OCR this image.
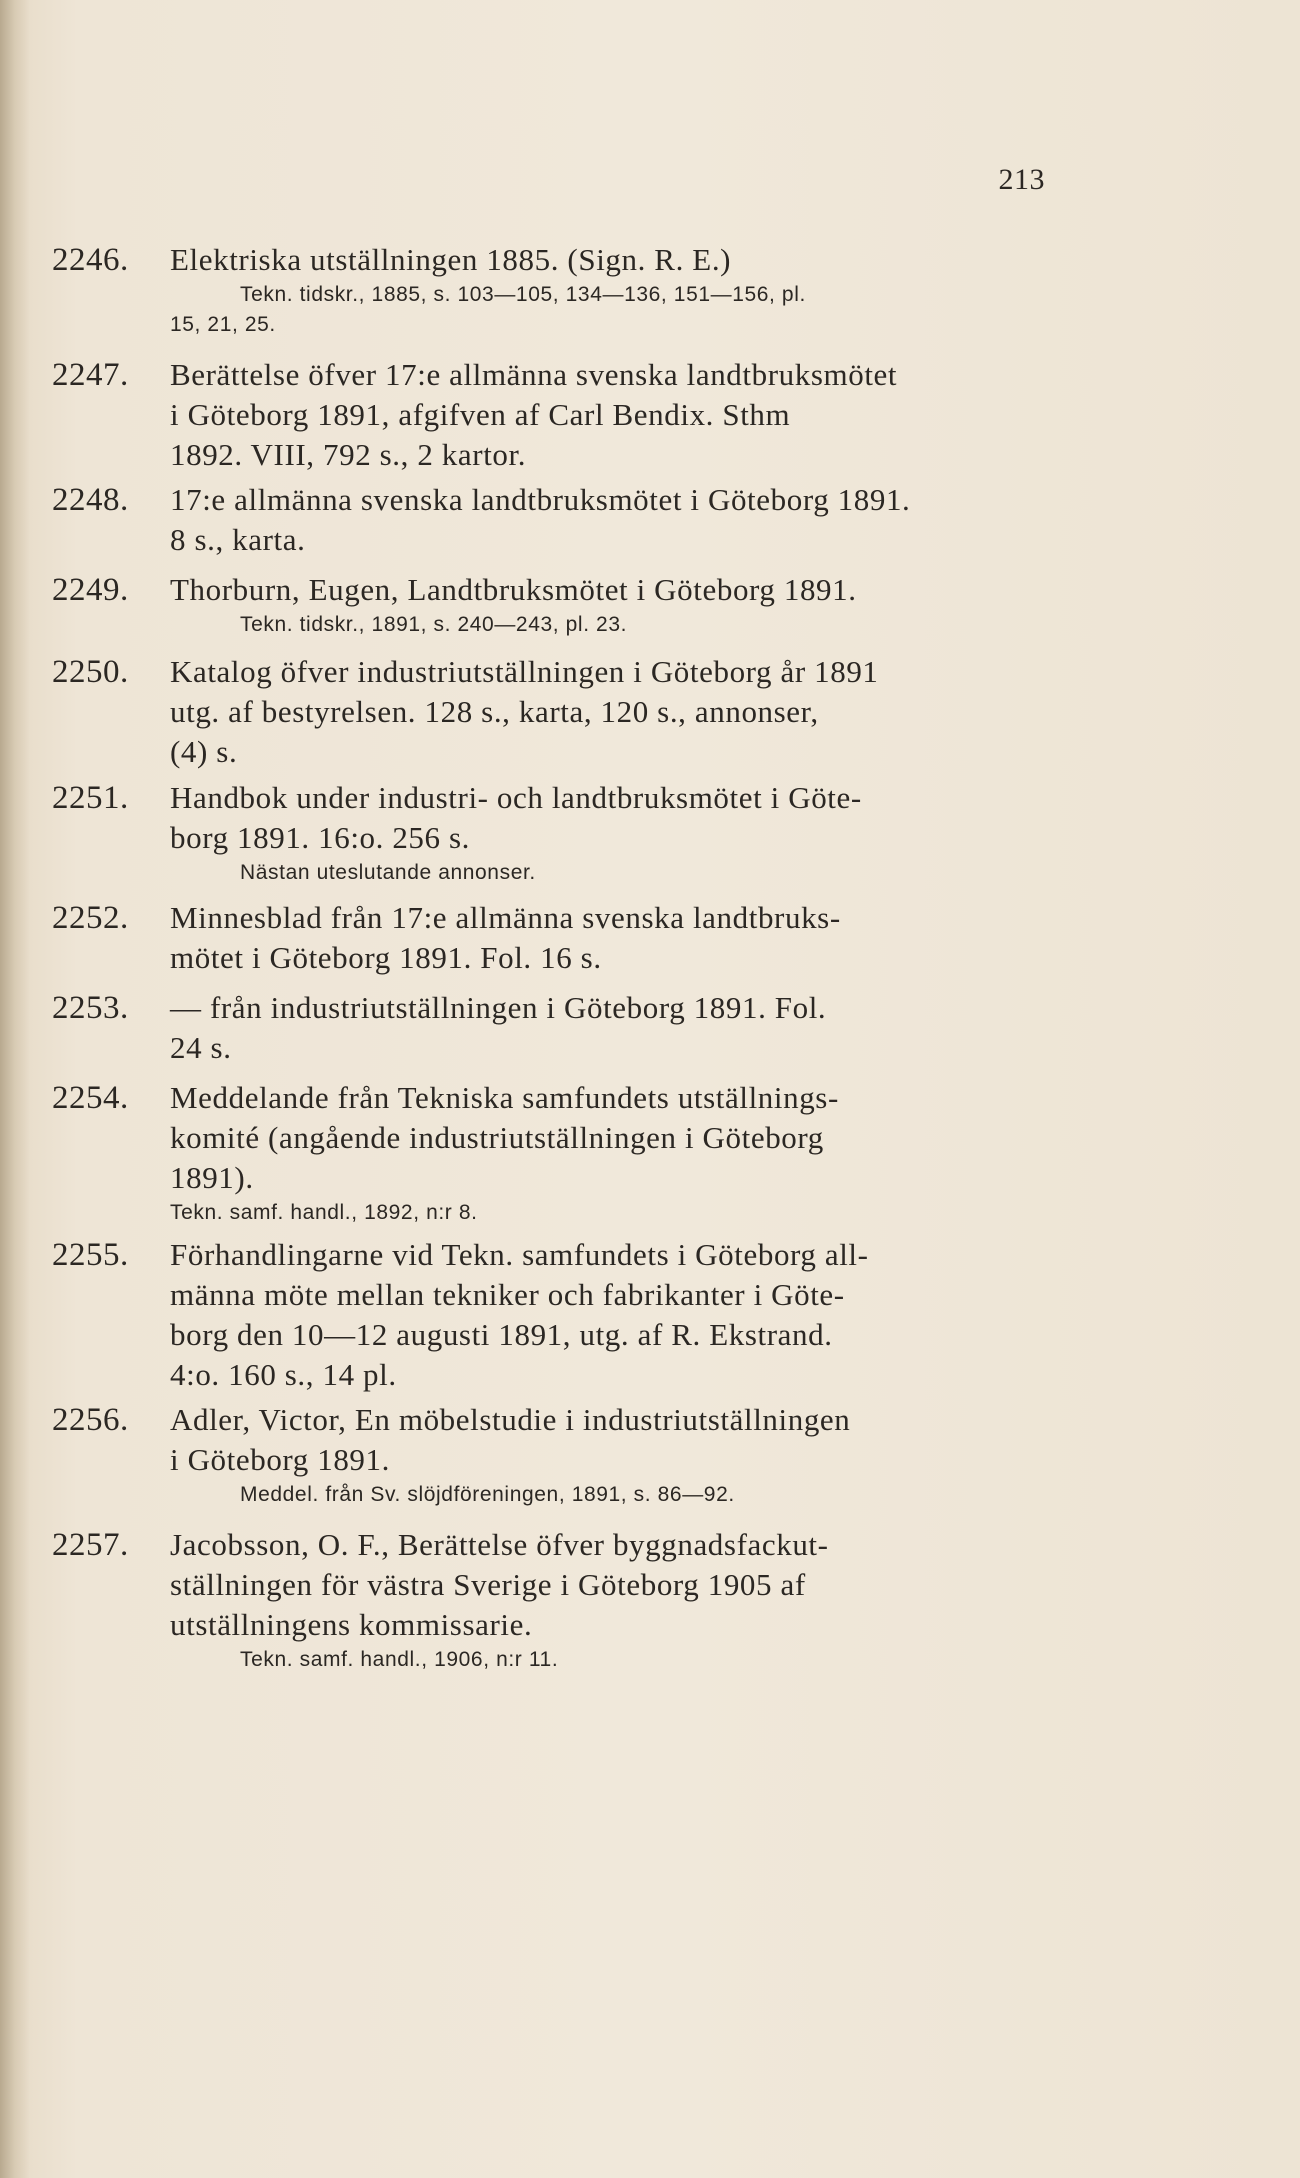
213
2246.	Elektriska utställningen 1885. (Sign. R. E.)
Tekn. tidskr., 1885, s. 103—105, 134—136, 151—156, pl.
15, 21, 25.
2247.	Berättelse öfver 17:e allmänna svenska landtbruksmötet
i Göteborg 1891, afgifven af Carl Bendix. Sthm
1892. VIII, 792 s., 2 kartor.
2248.	17:e allmänna svenska landtbruksmötet i Göteborg 1891.
8 s., karta.
2249.	Thorburn, Eugen, Landtbruksmötet i Göteborg 1891.
Tekn. tidskr., 1891, s. 240—243, pl. 23.
2250.	Katalog öfver industriutställningen i Göteborg år 1891
utg. af bestyrelsen. 128 s., karta, 120 s., annonser,
(4) s.
2251.	Handbok under industri- och landtbruksmötet i Göte-
borg 1891. 16:o. 256 s.
Nästan uteslutande annonser.
2252.	Minnesblad från 17:e allmänna svenska landtbruks-
mötet i Göteborg 1891. Fol. 16 s.
2253.	— från industriutställningen i Göteborg 1891. Fol.
24 s.
2254.	Meddelande från Tekniska samfundets utställnings-
komité (angående industriutställningen i Göteborg
1891).
Tekn. samf. handl., 1892, n:r 8.
2255.	Förhandlingarne vid Tekn. samfundets i Göteborg all-
männa möte mellan tekniker och fabrikanter i Göte-
borg den 10—12 augusti 1891, utg. af R. Ekstrand.
4:o. 160 s., 14 pl.
2256.	Adler, Victor, En möbelstudie i industriutställningen
i Göteborg 1891.
Meddel. från Sv. slöjdföreningen, 1891, s. 86—92.
2257.	Jacobsson, O. F., Berättelse öfver byggnadsfackut-
ställningen för västra Sverige i Göteborg 1905 af
utställningens kommissarie.
Tekn. samf. handl., 1906, n:r 11.
